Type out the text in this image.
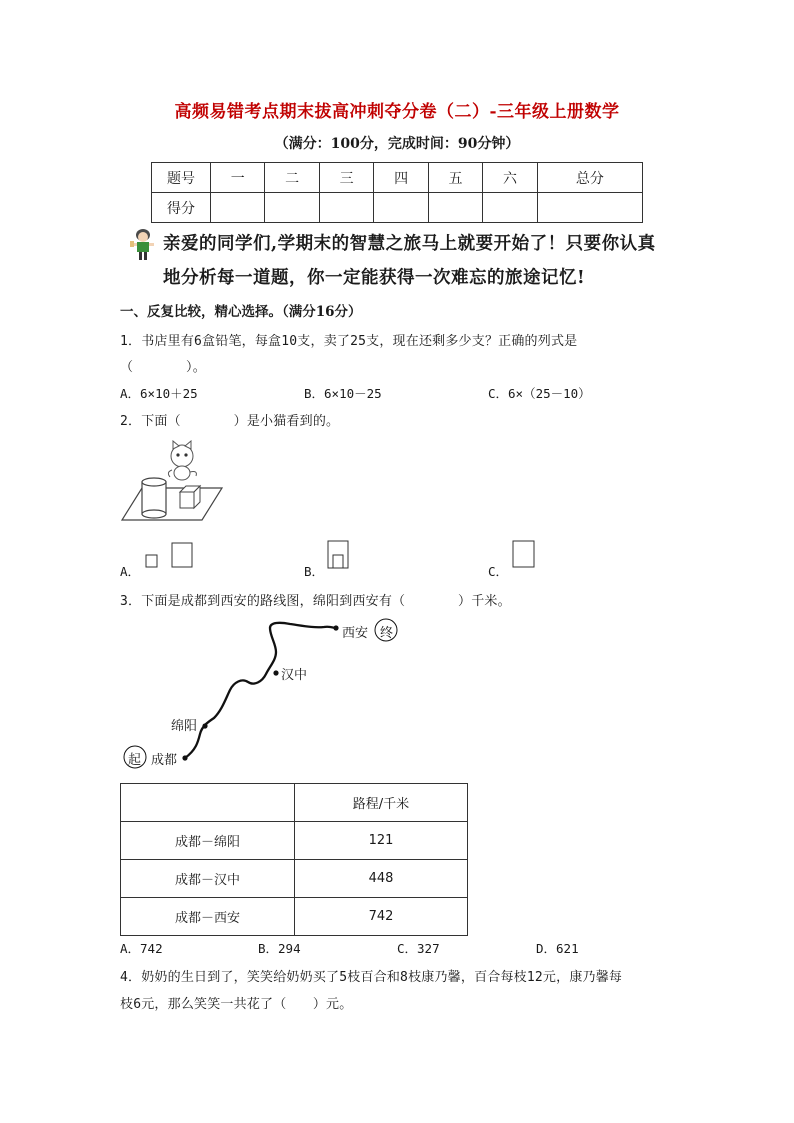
高频易错考点期末拔高冲刺夺分卷（二）-三年级上册数学
（满分：100分，完成时间：90分钟）
题号	一	二	三	四	五	六	总分
得分							
亲爱的同学们,学期末的智慧之旅马上就要开始了！只要你认真
地分析每一道题，你一定能获得一次难忘的旅途记忆!
一、反复比较，精心选择。（满分16分）
1．书店里有6盒铅笔，每盒10支，卖了25支，现在还剩多少支？正确的列式是
（　　　　）。
A．6×10＋25	B．6×10－25	C．6×（25－10）
2．下面（　　　　）是小猫看到的。
A．	B．	C．
3．下面是成都到西安的路线图，绵阳到西安有（　　　　）千米。
西安 终
汉中
绵阳
起 成都
	路程/千米
成都－绵阳	121
成都－汉中	448
成都－西安	742
A．742	B．294	C．327	D．621
4．奶奶的生日到了，笑笑给奶奶买了5枝百合和8枝康乃馨，百合每枝12元，康乃馨每
枝6元，那么笑笑一共花了（　　）元。
